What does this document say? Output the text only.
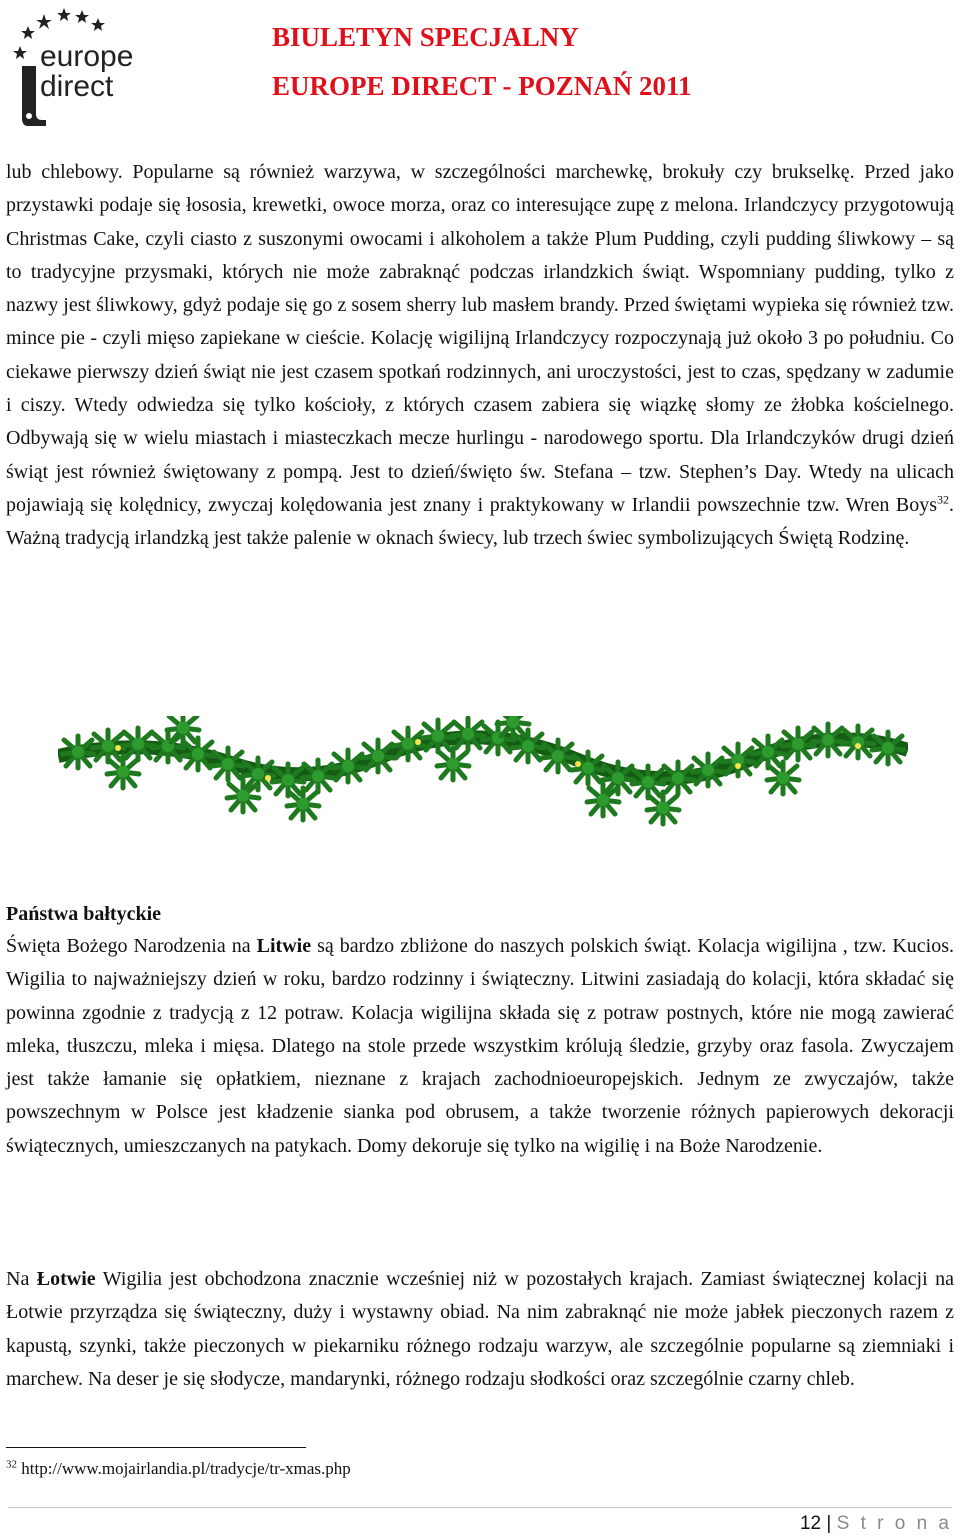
europe
direct
BIULETYN SPECJALNY
EUROPE DIRECT - POZNAŃ 2011

lub chlebowy. Popularne są również warzywa, w szczególności marchewkę, brokuły czy brukselkę. Przed jako przystawki podaje się łososia, krewetki, owoce morza, oraz co interesujące zupę z melona. Irlandczycy przygotowują Christmas Cake, czyli ciasto z suszonymi owocami i alkoholem a także Plum Pudding, czyli pudding śliwkowy – są to tradycyjne przysmaki, których nie może zabraknąć podczas irlandzkich świąt. Wspomniany pudding, tylko z nazwy jest śliwkowy, gdyż podaje się go z sosem sherry lub masłem brandy. Przed świętami wypieka się również tzw. mince pie - czyli mięso zapiekane w cieście. Kolację wigilijną Irlandczycy rozpoczynają już około 3 po południu. Co ciekawe pierwszy dzień świąt nie jest czasem spotkań rodzinnych, ani uroczystości, jest to czas, spędzany w zadumie i ciszy. Wtedy odwiedza się tylko kościoły, z których czasem zabiera się wiązkę słomy ze żłobka kościelnego. Odbywają się w wielu miastach i miasteczkach mecze hurlingu - narodowego sportu. Dla Irlandczyków drugi dzień świąt jest również świętowany z pompą. Jest to dzień/święto św. Stefana – tzw. Stephen’s Day. Wtedy na ulicach pojawiają się kolędnicy, zwyczaj kolędowania jest znany i praktykowany w Irlandii powszechnie tzw. Wren Boys$^{32}$. Ważną tradycją irlandzką jest także palenie w oknach świecy, lub trzech świec symbolizujących Świętą Rodzinę.

Państwa bałtyckie

Święta Bożego Narodzenia na Litwie są bardzo zbliżone do naszych polskich świąt. Kolacja wigilijna , tzw. Kucios. Wigilia to najważniejszy dzień w roku, bardzo rodzinny i świąteczny. Litwini zasiadają do kolacji, która składać się powinna zgodnie z tradycją z 12 potraw. Kolacja wigilijna składa się z potraw postnych, które nie mogą zawierać mleka, tłuszczu, mleka i mięsa. Dlatego na stole przede wszystkim królują śledzie, grzyby oraz fasola. Zwyczajem jest także łamanie się opłatkiem, nieznane z krajach zachodnioeuropejskich. Jednym ze zwyczajów, także powszechnym w Polsce jest kładzenie sianka pod obrusem, a także tworzenie różnych papierowych dekoracji świątecznych, umieszczanych na patykach. Domy dekoruje się tylko na wigilię i na Boże Narodzenie.

Na Łotwie Wigilia jest obchodzona znacznie wcześniej niż w pozostałych krajach. Zamiast świątecznej kolacji na Łotwie przyrządza się świąteczny, duży i wystawny obiad. Na nim zabraknąć nie może jabłek pieczonych razem z kapustą, szynki, także pieczonych w piekarniku różnego rodzaju warzyw, ale szczególnie popularne są ziemniaki i marchew. Na deser je się słodycze, mandarynki, różnego rodzaju słodkości oraz szczególnie czarny chleb.

$^{32}$ http://www.mojairlandia.pl/tradycje/tr-xmas.php
12 | S t r o n a
